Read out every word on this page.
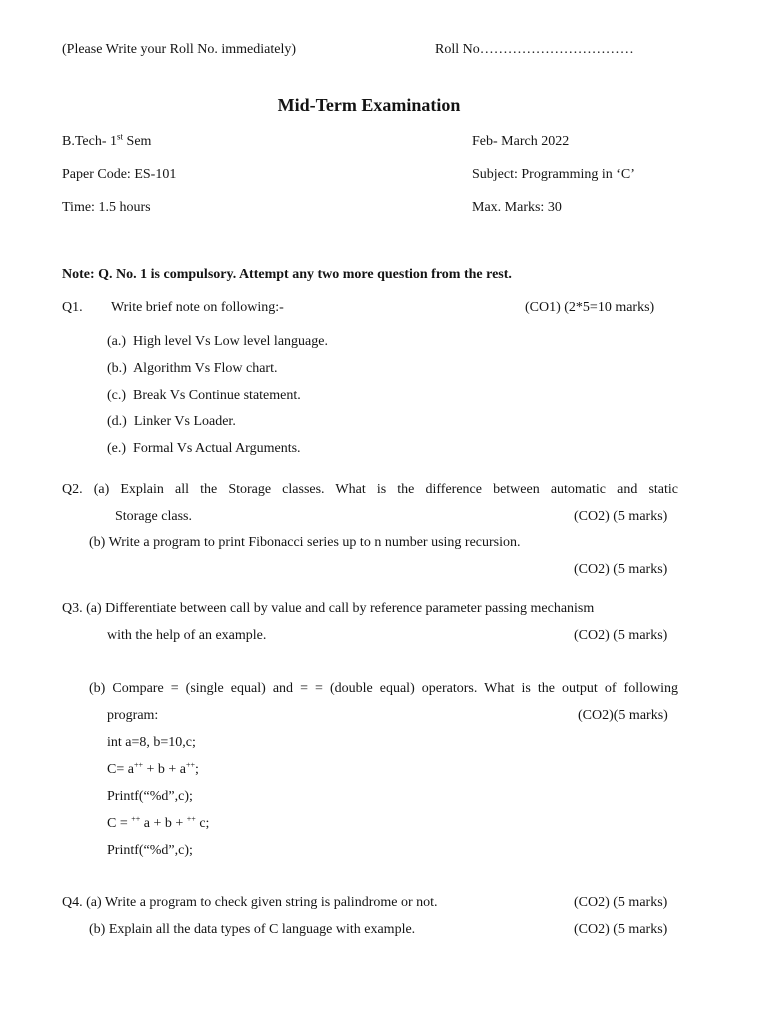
(Please Write your Roll No. immediately)	Roll No……………………………
Mid-Term Examination
B.Tech- 1st Sem	Feb- March 2022
Paper Code: ES-101	Subject: Programming in ‘C’
Time: 1.5 hours	Max. Marks: 30
Note: Q. No. 1 is compulsory. Attempt any two more question from the rest.
Q1. Write brief note on following:-	(CO1) (2*5=10 marks)
(a.) High level Vs Low level language.
(b.) Algorithm Vs Flow chart.
(c.) Break Vs Continue statement.
(d.) Linker Vs Loader.
(e.) Formal Vs Actual Arguments.
Q2. (a) Explain all the Storage classes. What is the difference between automatic and static
Storage class.	(CO2) (5 marks)
(b) Write a program to print Fibonacci series up to n number using recursion.
(CO2) (5 marks)
Q3. (a) Differentiate between call by value and call by reference parameter passing mechanism
with the help of an example.	(CO2) (5 marks)
(b) Compare = (single equal) and = = (double equal) operators. What is the output of following
program:	(CO2)(5 marks)
int a=8, b=10,c;
C= a++ + b + a++;
Printf(“%d”,c);
C = ++ a + b + ++ c;
Printf(“%d”,c);
Q4. (a) Write a program to check given string is palindrome or not.	(CO2) (5 marks)
(b) Explain all the data types of C language with example.	(CO2) (5 marks)
